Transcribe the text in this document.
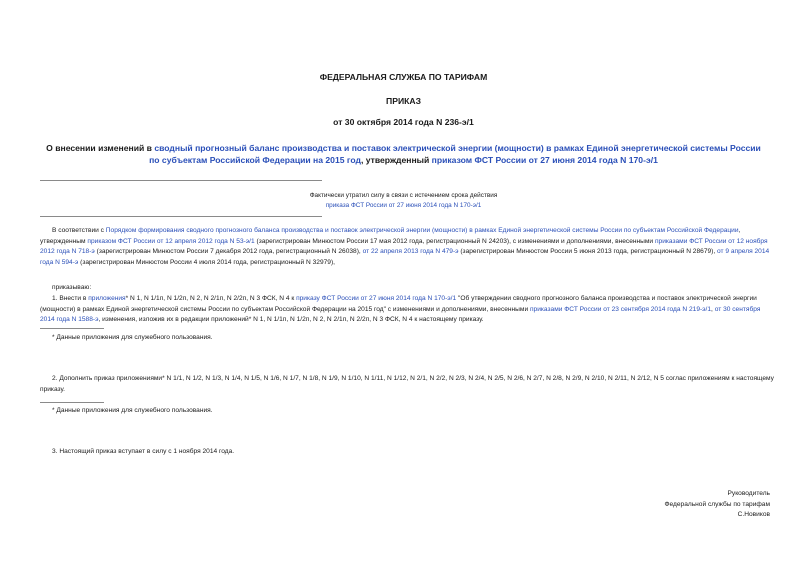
ФЕДЕРАЛЬНАЯ СЛУЖБА ПО ТАРИФАМ
ПРИКАЗ
от 30 октября 2014 года N 236-э/1
О внесении изменений в сводный прогнозный баланс производства и поставок электрической энергии (мощности) в рамках Единой энергетической системы России по субъектам Российской Федерации на 2015 год, утвержденный приказом ФСТ России от 27 июня 2014 года N 170-э/1
Фактически утратил силу в связи с истечением срока действия
приказа ФСТ России от 27 июня 2014 года N 170-э/1
В соответствии с Порядком формирования сводного прогнозного баланса производства и поставок электрической энергии (мощности) в рамках Единой энергетической системы России по субъектам Российской Федерации, утвержденным приказом ФСТ России от 12 апреля 2012 года N 53-э/1 (зарегистрирован Минюстом России 17 мая 2012 года, регистрационный N 24203), с изменениями и дополнениями, внесенными приказами ФСТ России от 12 ноября 2012 года N 718-э (зарегистрирован Минюстом России 7 декабря 2012 года, регистрационный N 26038), от 22 апреля 2013 года N 479-э (зарегистрирован Минюстом России 5 июня 2013 года, регистрационный N 28679), от 9 апреля 2014 года N 594-э (зарегистрирован Минюстом России 4 июля 2014 года, регистрационный N 32979),
приказываю:
1. Внести в приложения* N 1, N 1/1п, N 1/2п, N 2, N 2/1п, N 2/2п, N 3 ФСК, N 4 к приказу ФСТ России от 27 июня 2014 года N 170-э/1 "Об утверждении сводного прогнозного баланса производства и поставок электрической энергии (мощности) в рамках Единой энергетической системы России по субъектам Российской Федерации на 2015 год" с изменениями и дополнениями, внесенными приказами ФСТ России от 23 сентября 2014 года N 219-э/1, от 30 сентября 2014 года N 1588-э, изменения, изложив их в редакции приложений* N 1, N 1/1п, N 1/2п, N 2, N 2/1п, N 2/2п, N 3 ФСК, N 4 к настоящему приказу.
* Данные приложения для служебного пользования.
2. Дополнить приказ приложениями* N 1/1, N 1/2, N 1/3, N 1/4, N 1/5, N 1/6, N 1/7, N 1/8, N 1/9, N 1/10, N 1/11, N 1/12, N 2/1, N 2/2, N 2/3, N 2/4, N 2/5, N 2/6, N 2/7, N 2/8, N 2/9, N 2/10, N 2/11, N 2/12, N 5 соглас приложениям к настоящему приказу.
* Данные приложения для служебного пользования.
3. Настоящий приказ вступает в силу с 1 ноября 2014 года.
Руководитель
Федеральной службы по тарифам
С.Новиков
